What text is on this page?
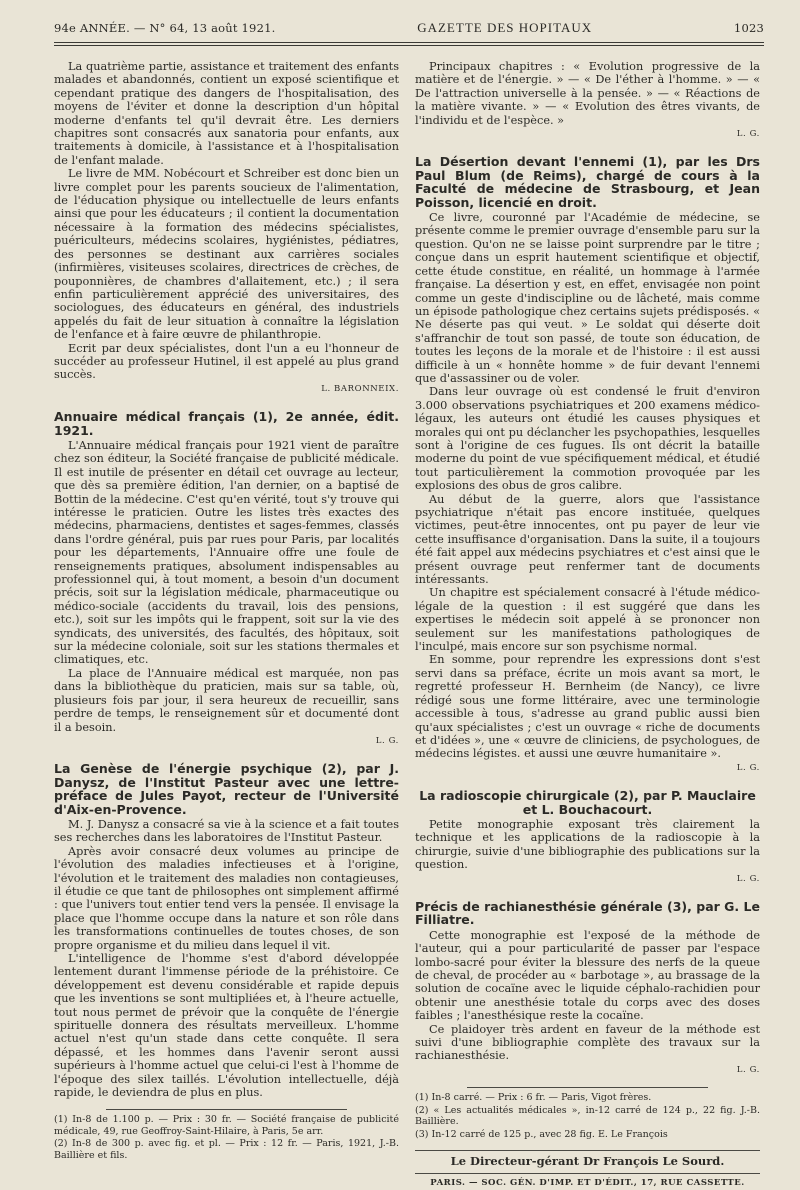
94e ANNÉE. — N° 64, 13 août 1921.	GAZETTE DES HOPITAUX	1023

La quatrième partie, assistance et traitement des enfants malades et abandonnés, contient un exposé scientifique et cependant pratique des dangers de l'hospitalisation, des moyens de l'éviter et donne la description d'un hôpital moderne d'enfants tel qu'il devrait être. Les derniers chapitres sont consacrés aux sanatoria pour enfants, aux traitements à domicile, à l'assistance et à l'hospitalisation de l'enfant malade.

Le livre de MM. Nobécourt et Schreiber est donc bien un livre complet pour les parents soucieux de l'alimentation, de l'éducation physique ou intellectuelle de leurs enfants ainsi que pour les éducateurs ; il contient la documentation nécessaire à la formation des médecins spécialistes, puériculteurs, médecins scolaires, hygiénistes, pédiatres, des personnes se destinant aux carrières sociales (infirmières, visiteuses scolaires, directrices de crèches, de pouponnières, de chambres d'allaitement, etc.) ; il sera enfin particulièrement apprécié des universitaires, des sociologues, des éducateurs en général, des industriels appelés du fait de leur situation à connaître la législation de l'enfance et à faire œuvre de philanthropie.

Ecrit par deux spécialistes, dont l'un a eu l'honneur de succéder au professeur Hutinel, il est appelé au plus grand succès.

L. BARONNEIX.
Annuaire médical français (1), 2e année, édit. 1921.

L'Annuaire médical français pour 1921 vient de paraître chez son éditeur, la Société française de publicité médicale. Il est inutile de présenter en détail cet ouvrage au lecteur, que dès sa première édition, l'an dernier, on a baptisé de Bottin de la médecine. C'est qu'en vérité, tout s'y trouve qui intéresse le praticien. Outre les listes très exactes des médecins, pharmaciens, dentistes et sages-femmes, classés dans l'ordre général, puis par rues pour Paris, par localités pour les départements, l'Annuaire offre une foule de renseignements pratiques, absolument indispensables au professionnel qui, à tout moment, a besoin d'un document précis, soit sur la législation médicale, pharmaceutique ou médico-sociale (accidents du travail, lois des pensions, etc.), soit sur les impôts qui le frappent, soit sur la vie des syndicats, des universités, des facultés, des hôpitaux, soit sur la médecine coloniale, soit sur les stations thermales et climatiques, etc.

La place de l'Annuaire médical est marquée, non pas dans la bibliothèque du praticien, mais sur sa table, où, plusieurs fois par jour, il sera heureux de recueillir, sans perdre de temps, le renseignement sûr et documenté dont il a besoin.

L. G.
La Genèse de l'énergie psychique (2), par J. Danysz, de l'Institut Pasteur avec une lettre-préface de Jules Payot, recteur de l'Université d'Aix-en-Provence.

M. J. Danysz a consacré sa vie à la science et a fait toutes ses recherches dans les laboratoires de l'Institut Pasteur.

Après avoir consacré deux volumes au principe de l'évolution des maladies infectieuses et à l'origine, l'évolution et le traitement des maladies non contagieuses, il étudie ce que tant de philosophes ont simplement affirmé : que l'univers tout entier tend vers la pensée. Il envisage la place que l'homme occupe dans la nature et son rôle dans les transformations continuelles de toutes choses, de son propre organisme et du milieu dans lequel il vit.

L'intelligence de l'homme s'est d'abord développée lentement durant l'immense période de la préhistoire. Ce développement est devenu considérable et rapide depuis que les inventions se sont multipliées et, à l'heure actuelle, tout nous permet de prévoir que la conquête de l'énergie spirituelle donnera des résultats merveilleux. L'homme actuel n'est qu'un stade dans cette conquête. Il sera dépassé, et les hommes dans l'avenir seront aussi supérieurs à l'homme actuel que celui-ci l'est à l'homme de l'époque des silex taillés. L'évolution intellectuelle, déjà rapide, le deviendra de plus en plus.

(1) In-8 de 1.100 p. — Prix : 30 fr. — Société française de publicité médicale, 49, rue Geoffroy-Saint-Hilaire, à Paris, 5e arr.
(2) In-8 de 300 p. avec fig. et pl. — Prix : 12 fr. — Paris, 1921, J.-B. Baillière et fils.

Principaux chapitres : « Evolution progressive de la matière et de l'énergie. » — « De l'éther à l'homme. » — « De l'attraction universelle à la pensée. » — « Réactions de la matière vivante. » — « Evolution des êtres vivants, de l'individu et de l'espèce. »

L. G.
La Désertion devant l'ennemi (1), par les Drs Paul Blum (de Reims), chargé de cours à la Faculté de médecine de Strasbourg, et Jean Poisson, licencié en droit.

Ce livre, couronné par l'Académie de médecine, se présente comme le premier ouvrage d'ensemble paru sur la question. Qu'on ne se laisse point surprendre par le titre ; conçue dans un esprit hautement scientifique et objectif, cette étude constitue, en réalité, un hommage à l'armée française. La désertion y est, en effet, envisagée non point comme un geste d'indiscipline ou de lâcheté, mais comme un épisode pathologique chez certains sujets prédisposés. « Ne déserte pas qui veut. » Le soldat qui déserte doit s'affranchir de tout son passé, de toute son éducation, de toutes les leçons de la morale et de l'histoire : il est aussi difficile à un « honnête homme » de fuir devant l'ennemi que d'assassiner ou de voler.

Dans leur ouvrage où est condensé le fruit d'environ 3.000 observations psychiatriques et 200 examens médico-légaux, les auteurs ont étudié les causes physiques et morales qui ont pu déclancher les psychopathies, lesquelles sont à l'origine de ces fugues. Ils ont décrit la bataille moderne du point de vue spécifiquement médical, et étudié tout particulièrement la commotion provoquée par les explosions des obus de gros calibre.

Au début de la guerre, alors que l'assistance psychiatrique n'était pas encore instituée, quelques victimes, peut-être innocentes, ont pu payer de leur vie cette insuffisance d'organisation. Dans la suite, il a toujours été fait appel aux médecins psychiatres et c'est ainsi que le présent ouvrage peut renfermer tant de documents intéressants.

Un chapitre est spécialement consacré à l'étude médico-légale de la question : il est suggéré que dans les expertises le médecin soit appelé à se prononcer non seulement sur les manifestations pathologiques de l'inculpé, mais encore sur son psychisme normal.

En somme, pour reprendre les expressions dont s'est servi dans sa préface, écrite un mois avant sa mort, le regretté professeur H. Bernheim (de Nancy), ce livre rédigé sous une forme littéraire, avec une terminologie accessible à tous, s'adresse au grand public aussi bien qu'aux spécialistes ; c'est un ouvrage « riche de documents et d'idées », une « œuvre de cliniciens, de psychologues, de médecins légistes. et aussi une œuvre humanitaire ».

L. G.
La radioscopie chirurgicale (2), par P. Mauclaire
et L. Bouchacourt.

Petite monographie exposant très clairement la technique et les applications de la radioscopie à la chirurgie, suivie d'une bibliographie des publications sur la question.

L. G.
Précis de rachianesthésie générale (3), par G. Le Filliatre.

Cette monographie est l'exposé de la méthode de l'auteur, qui a pour particularité de passer par l'espace lombo-sacré pour éviter la blessure des nerfs de la queue de cheval, de procéder au « barbotage », au brassage de la solution de cocaïne avec le liquide céphalo-rachidien pour obtenir une anesthésie totale du corps avec des doses faibles ; l'anesthésique reste la cocaïne.

Ce plaidoyer très ardent en faveur de la méthode est suivi d'une bibliographie complète des travaux sur la rachianesthésie.

L. G.
(1) In-8 carré. — Prix : 6 fr. — Paris, Vigot frères.
(2) « Les actualités médicales », in-12 carré de 124 p., 22 fig. J.-B. Baillière.
(3) In-12 carré de 125 p., avec 28 fig. E. Le François
Le Directeur-gérant Dr François Le Sourd.
PARIS. — SOC. GÉN. D'IMP. ET D'ÉDIT., 17, RUE CASSETTE.
